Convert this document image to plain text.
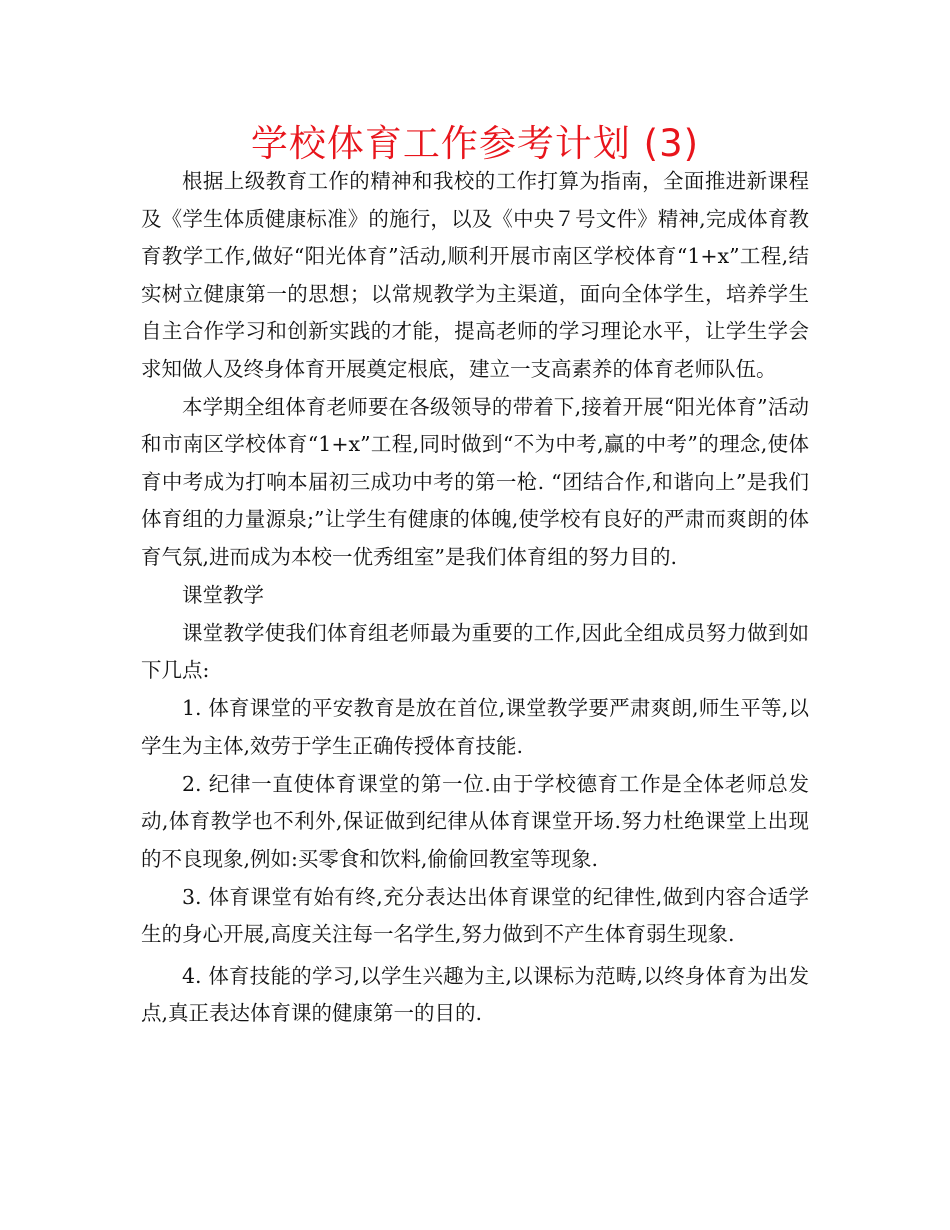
学校体育工作参考计划 (3)

根据上级教育工作的精神和我校的工作打算为指南，全面推进新课程及《学生体质健康标准》的施行，以及《中央７号文件》精神,完成体育教育教学工作,做好“阳光体育”活动,顺利开展市南区学校体育“1+x”工程,结实树立健康第一的思想；以常规教学为主渠道，面向全体学生，培养学生自主合作学习和创新实践的才能，提高老师的学习理论水平，让学生学会求知做人及终身体育开展奠定根底，建立一支高素养的体育老师队伍。

本学期全组体育老师要在各级领导的带着下,接着开展“阳光体育”活动和市南区学校体育“1+x”工程,同时做到“不为中考,赢的中考”的理念,使体育中考成为打响本届初三成功中考的第一枪. “团结合作,和谐向上”是我们体育组的力量源泉;”让学生有健康的体魄,使学校有良好的严肃而爽朗的体育气氛,进而成为本校一优秀组室”是我们体育组的努力目的.

课堂教学

课堂教学使我们体育组老师最为重要的工作,因此全组成员努力做到如下几点:

1. 体育课堂的平安教育是放在首位,课堂教学要严肃爽朗,师生平等,以学生为主体,效劳于学生正确传授体育技能.

2. 纪律一直使体育课堂的第一位.由于学校德育工作是全体老师总发动,体育教学也不利外,保证做到纪律从体育课堂开场.努力杜绝课堂上出现的不良现象,例如:买零食和饮料,偷偷回教室等现象.

3. 体育课堂有始有终,充分表达出体育课堂的纪律性,做到内容合适学生的身心开展,高度关注每一名学生,努力做到不产生体育弱生现象.

4. 体育技能的学习,以学生兴趣为主,以课标为范畴,以终身体育为出发点,真正表达体育课的健康第一的目的.
